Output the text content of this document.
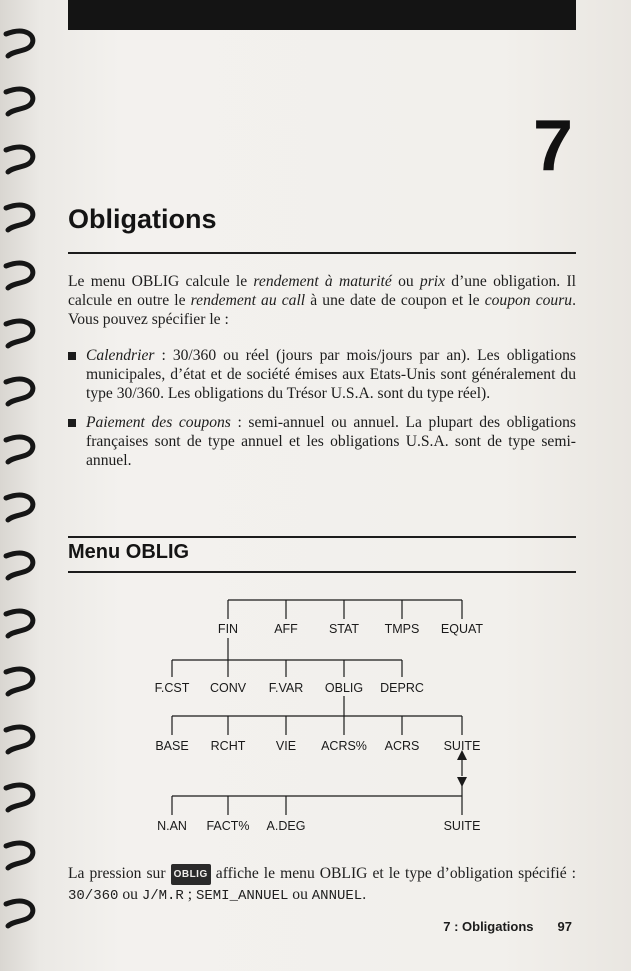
7
Obligations

Le menu OBLIG calcule le rendement à maturité ou prix d’une obligation. Il calcule en outre le rendement au call à une date de coupon et le coupon couru. Vous pouvez spécifier le :

Calendrier : 30/360 ou réel (jours par mois/jours par an). Les obligations municipales, d’état et de société émises aux Etats-Unis sont généralement du type 30/360. Les obligations du Trésor U.S.A. sont du type réel).
Paiement des coupons : semi-annuel ou annuel. La plupart des obligations françaises sont de type annuel et les obligations U.S.A. sont de type semi-annuel.
Menu OBLIG
FIN	AFF STAT TMPS EQUAT
F.CST CONV F.VAR OBLIG DEPRC
BASE RCHT VIE ACRS% ACRS SUITE
N.AN FACT% A.DEG	SUITE

La pression sur OBLIG affiche le menu OBLIG et le type d’obligation spécifié : 30/360 ou J/M.R ; SEMI_ANNUEL ou ANNUEL.

7 : Obligations 97
